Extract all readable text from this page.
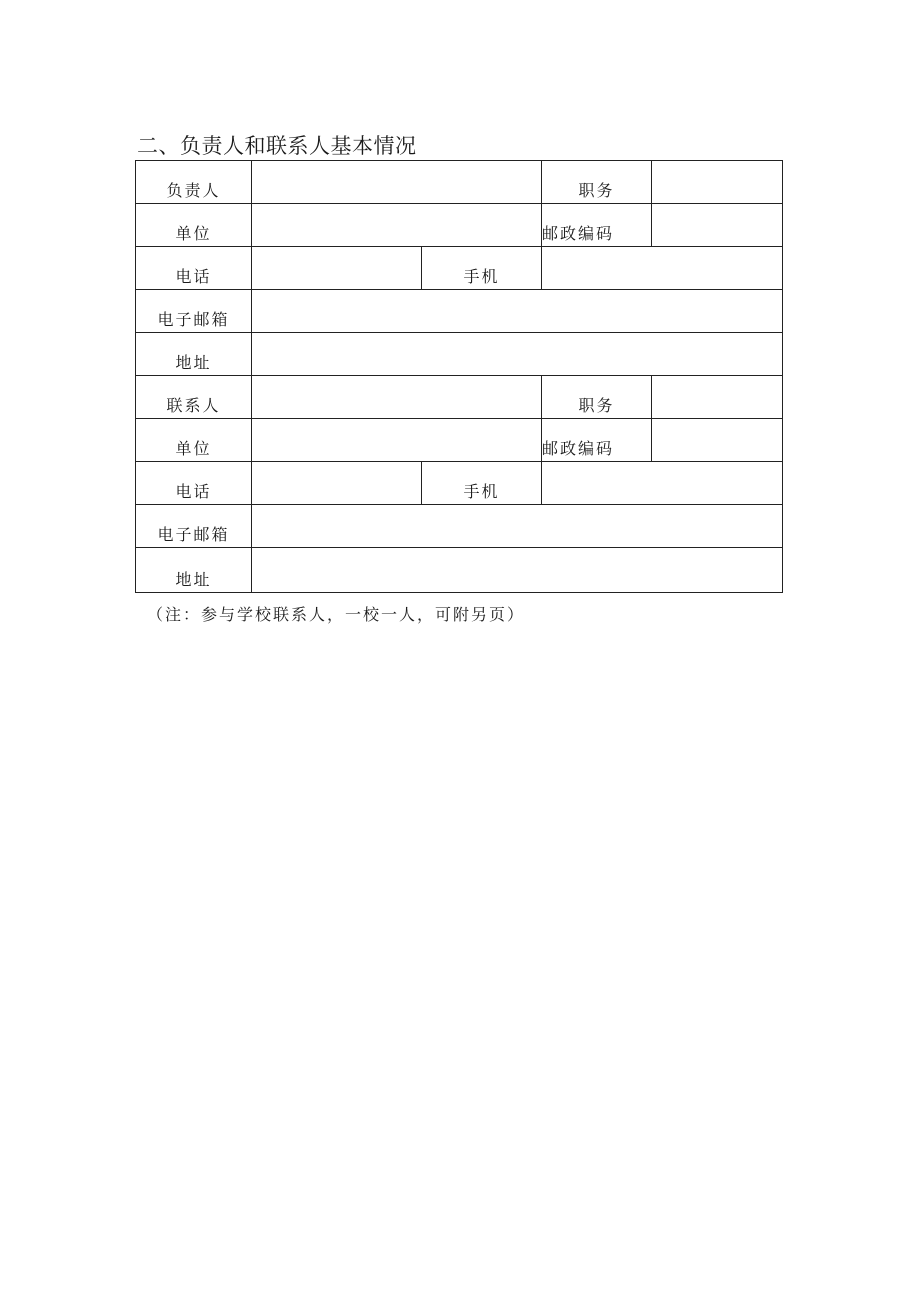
二、负责人和联系人基本情况
负责人			职务	
单位			邮政编码	
电话		手机		
电子邮箱				
地址				
联系人			职务	
单位			邮政编码	
电话		手机		
电子邮箱				
地址				

（注：参与学校联系人，一校一人，可附另页）
